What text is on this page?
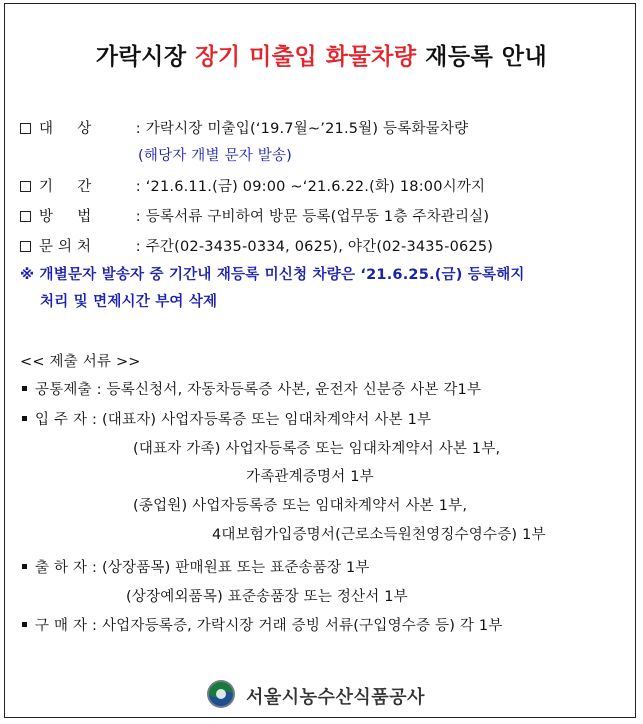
가락시장 장기 미출입 화물차량 재등록 안내
대     상	: 가락시장 미출입(‘19.7월~’21.5월) 등록화물차량
(해당자 개별 문자 발송)
기     간	: ‘21.6.11.(금) 09:00 ~‘21.6.22.(화) 18:00시까지
방     법	: 등록서류 구비하여 방문 등록(업무동 1층 주차관리실)
문 의 처	: 주간(02-3435-0334, 0625), 야간(02-3435-0625)
※ 개별문자 발송자 중 기간내 재등록 미신청 차량은 ‘21.6.25.(금) 등록해지
처리 및 면제시간 부여 삭제
<< 제출 서류 >>
공통제출 : 등록신청서, 자동차등록증 사본, 운전자 신분증 사본 각1부
입 주 자 : (대표자) 사업자등록증 또는 임대차계약서 사본 1부
(대표자 가족) 사업자등록증 또는 임대차계약서 사본 1부,
가족관계증명서 1부
(종업원) 사업자등록증 또는 임대차계약서 사본 1부,
4대보험가입증명서(근로소득원천영징수영수증) 1부
출 하 자 : (상장품목) 판매원표 또는 표준송품장 1부
(상장예외품목) 표준송품장 또는 정산서 1부
구 매 자 : 사업자등록증, 가락시장 거래 증빙 서류(구입영수증 등) 각 1부
서울시농수산식품공사
